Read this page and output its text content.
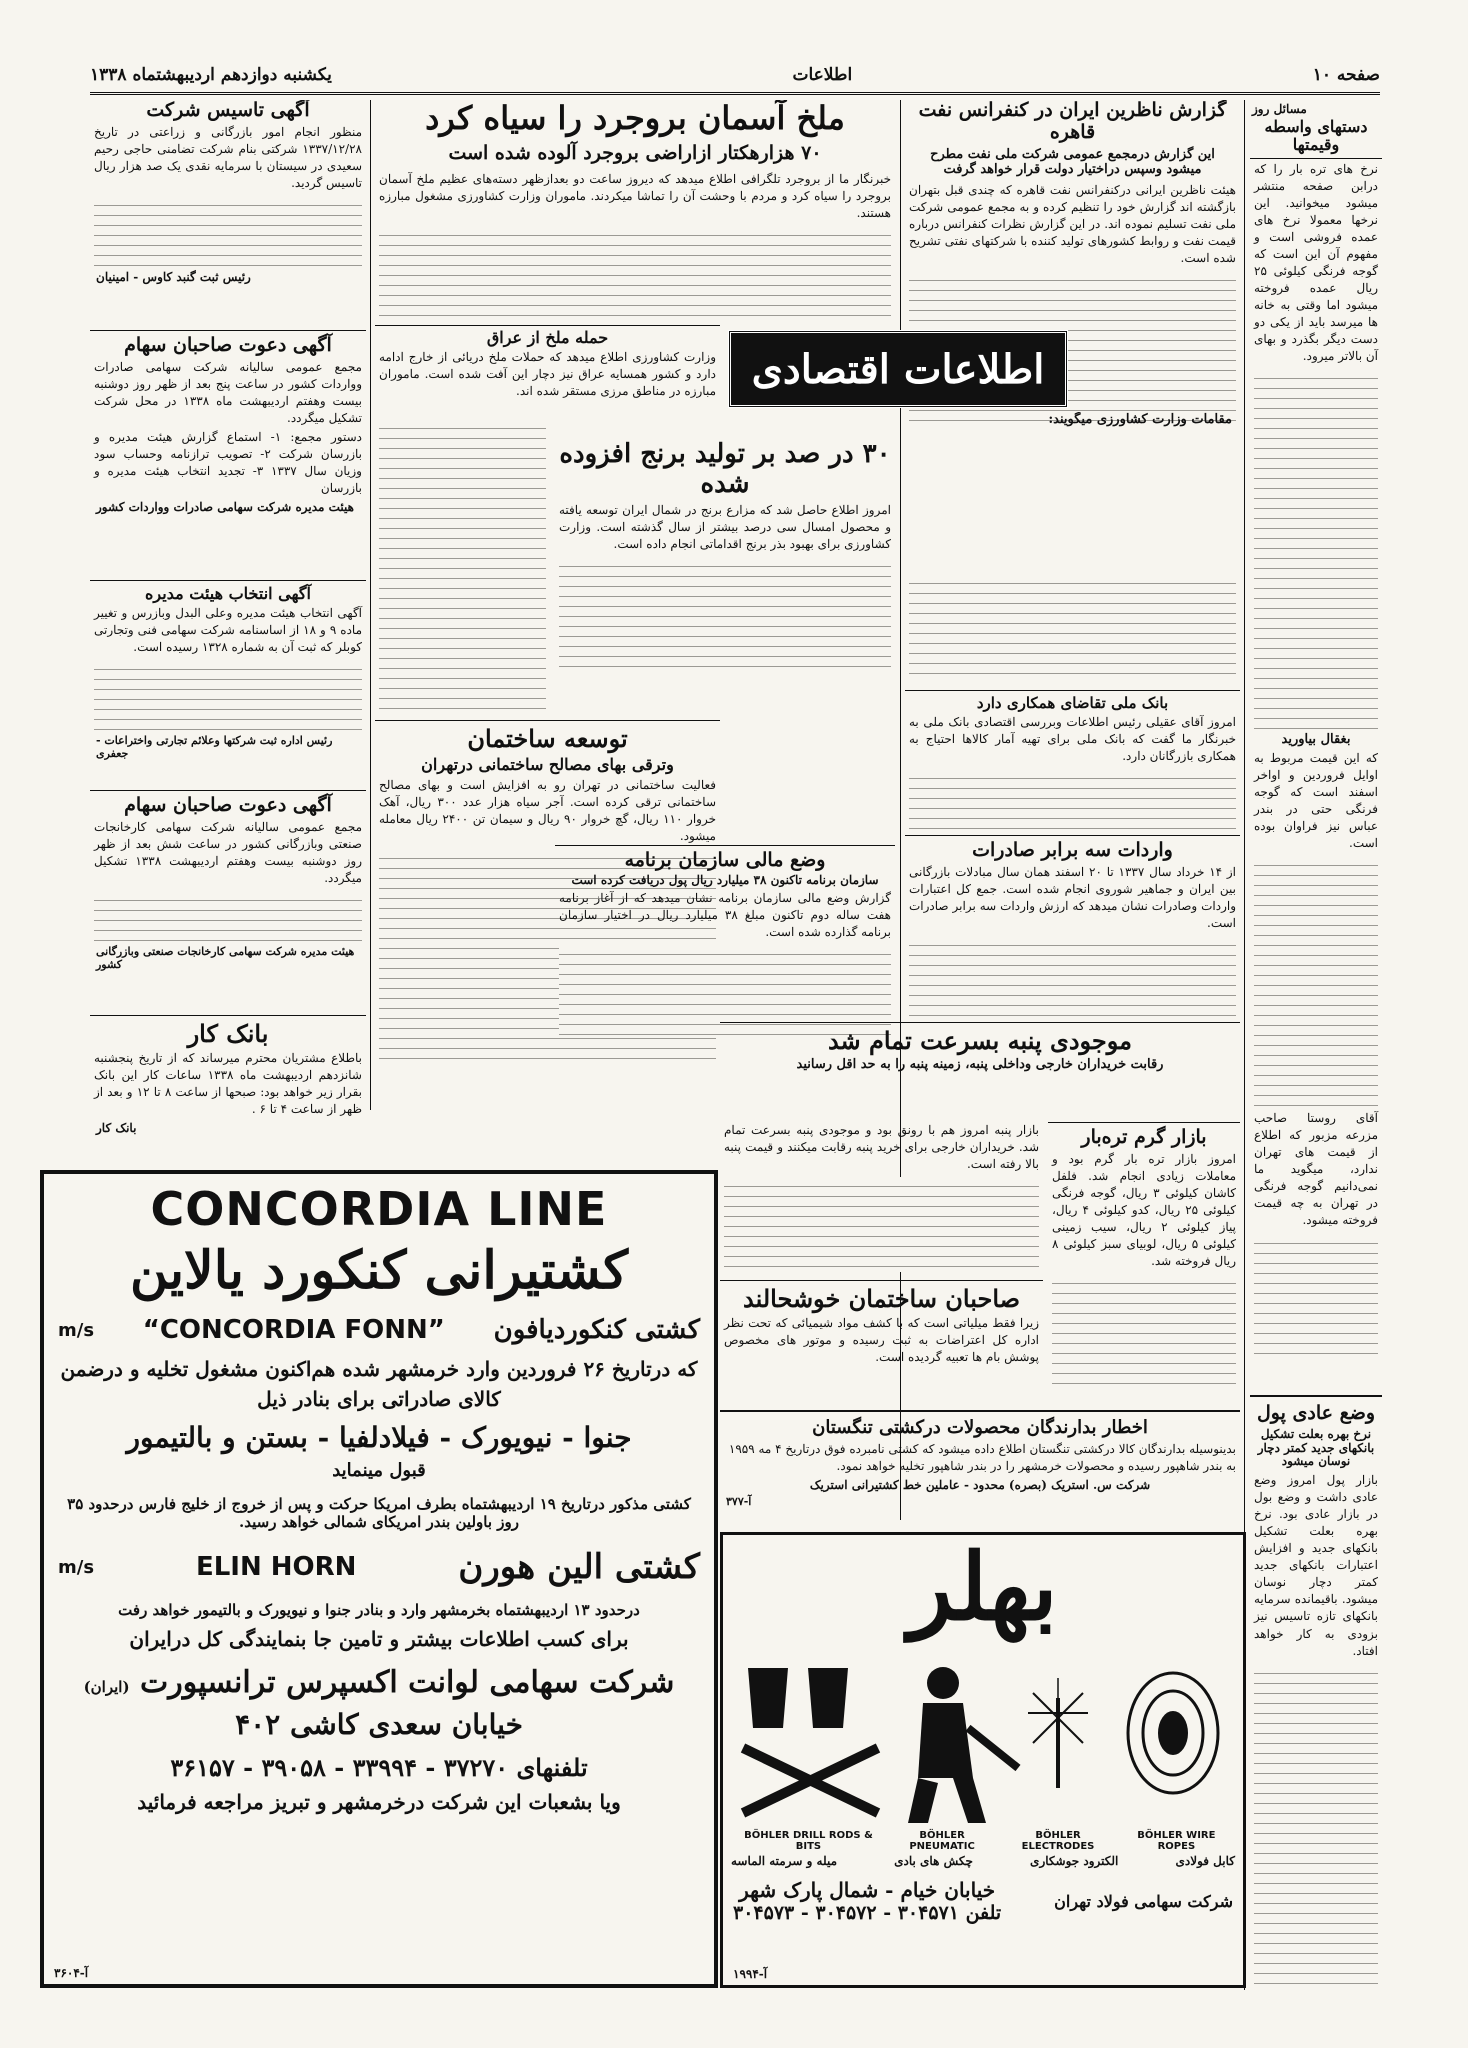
صفحه ۱۰
اطلاعات
یکشنبه دوازدهم اردیبهشتماه ۱۳۳۸
مسائل روز
دستهای واسطه وقیمتها

نرخ های تره بار را که درابن صفحه منتشر میشود میخوانید. این نرخها معمولا نرخ های عمده فروشی است و مفهوم آن این است که گوجه فرنگی کیلوئی ۲۵ ریال عمده فروخته میشود اما وقتی به خانه ها میرسد باید از یکی دو دست دیگر بگذرد و بهای آن بالاتر میرود.

بغقال بیاورید

که این قیمت مربوط به اوایل فروردین و اواخر اسفند است که گوجه فرنگی حتی در بندر عباس نیز فراوان بوده است.

آقای روستا صاحب مزرعه مزبور که اطلاع از قیمت های تهران ندارد، میگوید ما نمی‌دانیم گوجه فرنگی در تهران به چه قیمت فروخته میشود.

وضع عادی پول
نرخ بهره بعلت تشکیل بانکهای جدید کمتر دچار نوسان میشود

بازار پول امروز وضع عادی داشت و وضع بول در بازار عادی بود. نرخ بهره بعلت تشکیل بانکهای جدید و افزایش اعتبارات بانکهای جدید کمتر دچار نوسان میشود. باقیمانده سرمایه بانکهای تازه تاسیس نیز بزودی به کار خواهد افتاد.

گزارش ناظرین ایران در کنفرانس نفت قاهره
این گزارش درمجمع عمومی شرکت ملی نفت مطرح میشود وسپس دراختیار دولت قرار خواهد گرفت

هیئت ناظرین ایرانی درکنفرانس نفت قاهره که چندی قبل بتهران بازگشته اند گزارش خود را تنظیم کرده و به مجمع عمومی شرکت ملی نفت تسلیم نموده اند. در این گزارش نظرات کنفرانس درباره قیمت نفت و روابط کشورهای تولید کننده با شرکتهای نفتی تشریح شده است.

بانک ملی تقاضای همکاری دارد

امروز آقای عقیلی رئیس اطلاعات وبررسی اقتصادی بانک ملی به خبرنگار ما گفت که بانک ملی برای تهیه آمار کالاها احتیاج به همکاری بازرگانان دارد.

واردات سه برابر صادرات

از ۱۴ خرداد سال ۱۳۳۷ تا ۲۰ اسفند همان سال مبادلات بازرگانی بین ایران و جماهیر شوروی انجام شده است. جمع کل اعتبارات واردات وصادرات نشان میدهد که ارزش واردات سه برابر صادرات است.

بازار گرم تره‌بار

امروز بازار تره بار گرم بود و معاملات زیادی انجام شد. فلفل کاشان کیلوئی ۳ ریال، گوجه فرنگی کیلوئی ۲۵ ریال، کدو کیلوئی ۴ ریال، پیاز کیلوئی ۲ ریال، سیب زمینی کیلوئی ۵ ریال، لوبیای سبز کیلوئی ۸ ریال فروخته شد.

ملخ آسمان بروجرد را سیاه کرد
۷۰ هزارهکتار ازاراضی بروجرد آلوده شده است

خبرنگار ما از بروجرد تلگرافی اطلاع میدهد که دیروز ساعت دو بعدازظهر دسته‌های عظیم ملخ آسمان بروجرد را سیاه کرد و مردم با وحشت آن را تماشا میکردند. ماموران وزارت کشاورزی مشغول مبارزه هستند.

حمله ملخ از عراق

وزارت کشاورزی اطلاع میدهد که حملات ملخ دریائی از خارج ادامه دارد و کشور همسایه عراق نیز دچار این آفت شده است. ماموران مبارزه در مناطق مرزی مستقر شده اند. اطلاعات اقتصادی
مقامات وزارت کشاورزی میگویند:
۳۰ در صد بر تولید برنج افزوده شده

امروز اطلاع حاصل شد که مزارع برنج در شمال ایران توسعه یافته و محصول امسال سی درصد بیشتر از سال گذشته است. وزارت کشاورزی برای بهبود بذر برنج اقداماتی انجام داده است.

توسعه ساختمان
وترقی بهای مصالح ساختمانی درتهران

فعالیت ساختمانی در تهران رو به افزایش است و بهای مصالح ساختمانی ترقی کرده است. آجر سیاه هزار عدد ۳۰۰ ریال، آهک خروار ۱۱۰ ریال، گچ خروار ۹۰ ریال و سیمان تن ۲۴۰۰ ریال معامله میشود.

وضع مالی سازمان برنامه
سازمان برنامه تاکنون ۳۸ میلیارد ریال پول دریافت کرده است

گزارش وضع مالی سازمان برنامه نشان میدهد که از آغاز برنامه هفت ساله دوم تاکنون مبلغ ۳۸ میلیارد ریال در اختیار سازمان برنامه گذارده شده است.

موجودی پنبه بسرعت تمام شد
رقابت خریداران خارجی وداخلی پنبه، زمینه پنبه را به حد اقل رسانید

بازار پنبه امروز هم با رونق بود و موجودی پنبه بسرعت تمام شد. خریداران خارجی برای خرید پنبه رقابت میکنند و قیمت پنبه بالا رفته است.

صاحبان ساختمان خوشحالند

زیرا فقط میلیاتی است که با کشف مواد شیمیائی که تحت نظر اداره کل اعتراضات به ثبت رسیده و موتور های مخصوص پوشش بام ها تعبیه گردیده است.

آگهی تاسیس شرکت

منظور انجام امور بازرگانی و زراعتی در تاریخ ۱۳۳۷/۱۲/۲۸ شرکتی بنام شرکت تضامنی حاجی رحیم سعیدی در سیستان با سرمایه نقدی یک صد هزار ریال تاسیس گردید.

رئیس ثبت گنبد کاوس - امینیان
آگهی دعوت صاحبان سهام

مجمع عمومی سالیانه شرکت سهامی صادرات وواردات کشور در ساعت پنج بعد از ظهر روز دوشنبه بیست وهفتم اردیبهشت ماه ۱۳۳۸ در محل شرکت تشکیل میگردد.

دستور مجمع: ۱- استماع گزارش هیئت مدیره و بازرسان شرکت ۲- تصویب ترازنامه وحساب سود وزیان سال ۱۳۳۷ ۳- تجدید انتخاب هیئت مدیره و بازرسان

هیئت مدیره شرکت سهامی صادرات وواردات کشور
آگهی انتخاب هیئت مدیره

آگهی انتخاب هیئت مدیره وعلی البدل وبازرس و تغییر ماده ۹ و ۱۸ از اساسنامه شرکت سهامی فنی وتجارتی کوبلر که ثبت آن به شماره ۱۳۲۸ رسیده است.

رئیس اداره ثبت شرکتها وعلائم تجارتی واختراعات - جعفری
آگهی دعوت صاحبان سهام

مجمع عمومی سالیانه شرکت سهامی کارخانجات صنعتی وبازرگانی کشور در ساعت شش بعد از ظهر روز دوشنبه بیست وهفتم اردیبهشت ۱۳۳۸ تشکیل میگردد.

هیئت مدیره شرکت سهامی کارخانجات صنعتی وبازرگانی کشور
بانک کار

باطلاع مشتریان محترم میرساند که از تاریخ پنجشنبه شانزدهم اردیبهشت ماه ۱۳۳۸ ساعات کار این بانک بقرار زیر خواهد بود: صبحها از ساعت ۸ تا ۱۲ و بعد از ظهر از ساعت ۴ تا ۶ .

بانک کار
CONCORDIA LINE
کشتیرانی کنکورد یالاین
m/s “CONCORDIA FONN” کشتی کنکوردیافون
که درتاریخ ۲۶ فروردین وارد خرمشهر شده هم‌اکنون مشغول تخلیه و درضمن
کالای صادراتی برای بنادر ذیل
جنوا - نیویورک - فیلادلفیا - بستن و بالتیمور
قبول مینماید
کشتی مذکور درتاریخ ۱۹ اردیبهشتماه بطرف امریکا حرکت و پس از خروج از خلیج فارس درحدود ۳۵ روز باولین بندر امریکای شمالی خواهد رسید.
m/s	ELIN HORN	کشتی الین هورن
درحدود ۱۳ اردیبهشتماه بخرمشهر وارد و بنادر جنوا و نیویورک و بالتیمور خواهد رفت
برای کسب اطلاعات بیشتر و تامین جا بنمایندگی کل درایران
شرکت سهامی لوانت اکسپرس ترانسپورت (ایران)
خیابان سعدی کاشی ۴۰۲
تلفنهای ۳۷۲۷۰ - ۳۳۹۹۴ - ۳۹۰۵۸ - ۳۶۱۵۷
ویا بشعبات این شرکت درخرمشهر و تبریز مراجعه فرمائید
آ-۳۶۰۴
اخطار بدارندگان محصولات درکشتی تنگستان

بدینوسیله بدارندگان کالا درکشتی تنگستان اطلاع داده میشود که کشتی نامبرده فوق درتاریخ ۴ مه ۱۹۵۹ به بندر شاهپور رسیده و محصولات خرمشهر را در بندر شاهپور تخلیه خواهد نمود.

شرکت س. استریک (بصره) محدود - عاملین خط کشتیرانی استریک
آ-۳۷۷
بهلر
BÖHLER DRILL RODS & BITS
BÖHLER PNEUMATIC
BÖHLER ELECTRODES
BÖHLER WIRE ROPES
میله و سرمته الماسه	چکش های بادی	الکترود جوشکاری	کابل فولادی
شرکت سهامی فولاد تهران
خیابان خیام - شمال پارک شهر
تلفن ۳۰۴۵۷۱ - ۳۰۴۵۷۲ - ۳۰۴۵۷۳
آ-۱۹۹۴
